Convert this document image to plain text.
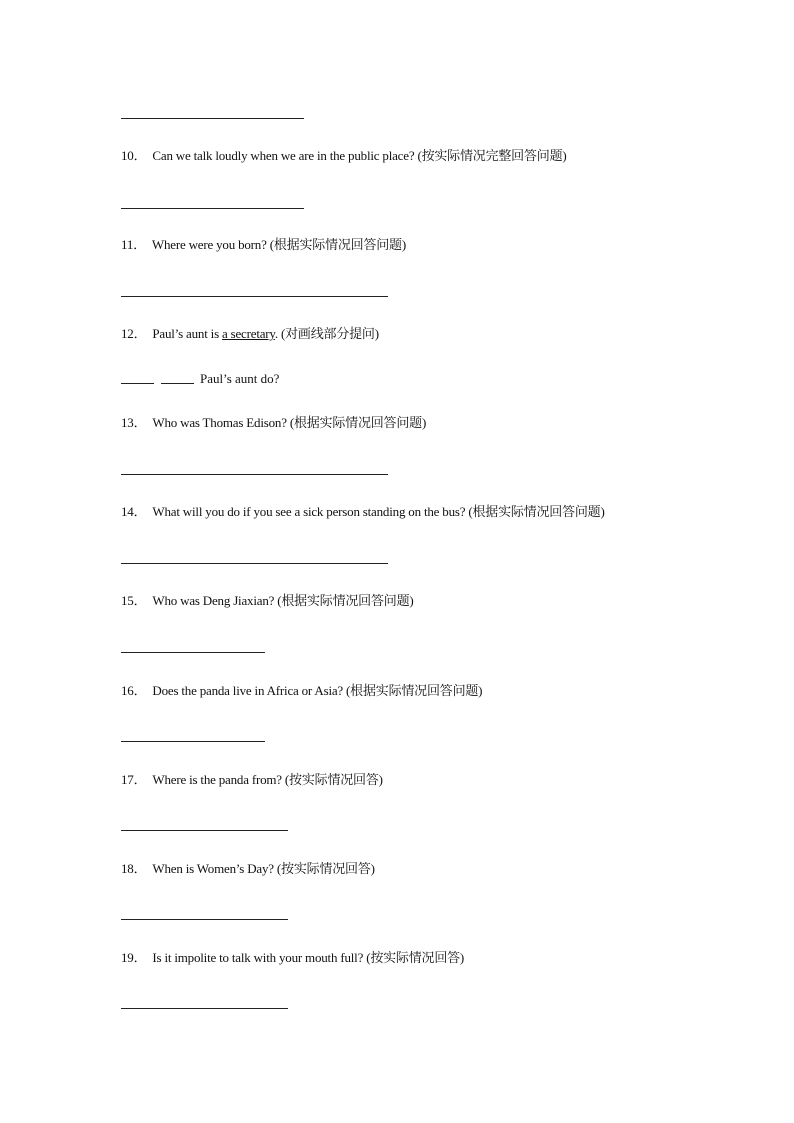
10． Can we talk loudly when we are in the public place? (按实际情况完整回答问题)
11． Where were you born? (根据实际情况回答问题)
12． Paul’s aunt is a secretary. (对画线部分提问)
Paul’s aunt do?
13． Who was Thomas Edison? (根据实际情况回答问题)
14． What will you do if you see a sick person standing on the bus? (根据实际情况回答问题)
15． Who was Deng Jiaxian? (根据实际情况回答问题)
16． Does the panda live in Africa or Asia? (根据实际情况回答问题)
17． Where is the panda from? (按实际情况回答)
18． When is Women’s Day? (按实际情况回答)
19． Is it impolite to talk with your mouth full? (按实际情况回答)
